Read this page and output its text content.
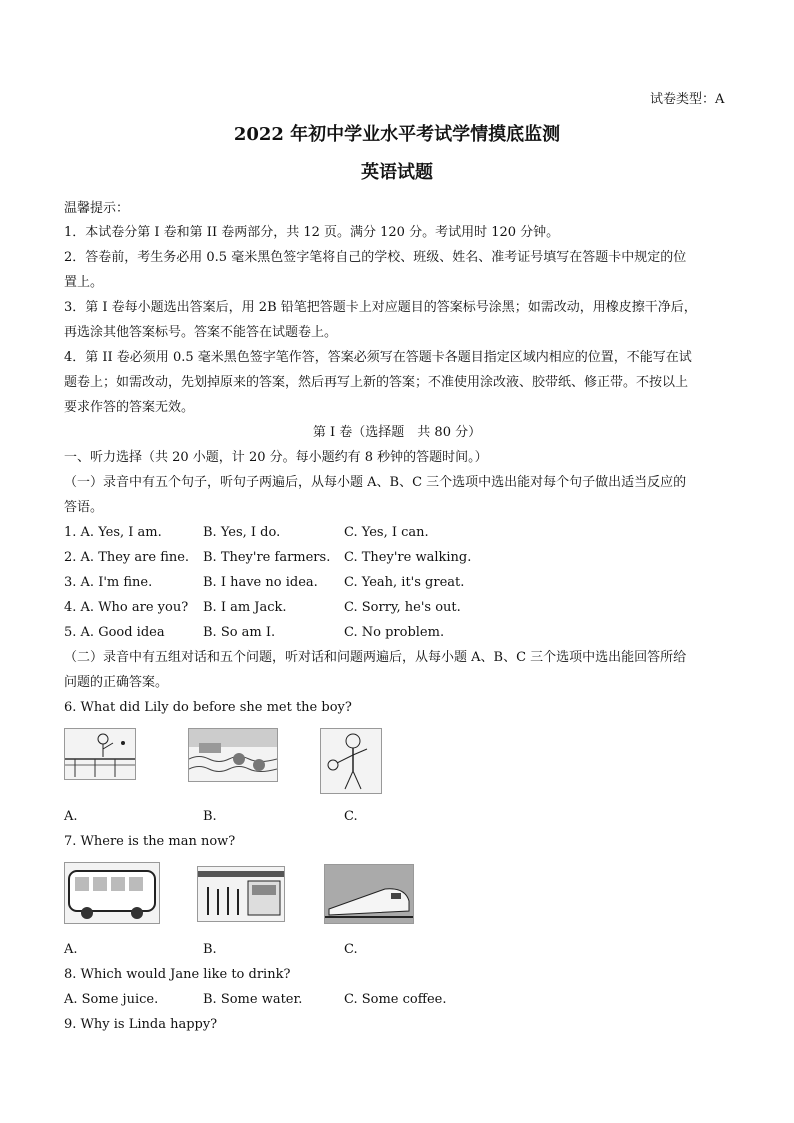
试卷类型：A
2022 年初中学业水平考试学情摸底监测
英语试题
温馨提示：
1．本试卷分第 I 卷和第 II 卷两部分，共 12 页。满分 120 分。考试用时 120 分钟。
2．答卷前，考生务必用 0.5 毫米黑色签字笔将自己的学校、班级、姓名、准考证号填写在答题卡中规定的位
置上。
3．第 I 卷每小题选出答案后，用 2B 铅笔把答题卡上对应题目的答案标号涂黑；如需改动，用橡皮擦干净后，
再选涂其他答案标号。答案不能答在试题卷上。
4．第 II 卷必须用 0.5 毫米黑色签字笔作答，答案必须写在答题卡各题目指定区域内相应的位置，不能写在试
题卷上；如需改动，先划掉原来的答案，然后再写上新的答案；不准使用涂改液、胶带纸、修正带。不按以上
要求作答的答案无效。
第 I 卷（选择题　共 80 分）
一、听力选择（共 20 小题，计 20 分。每小题约有 8 秒钟的答题时间。）
（一）录音中有五个句子，听句子两遍后，从每小题 A、B、C 三个选项中选出能对每个句子做出适当反应的
答语。
1. A. Yes, I am.	B. Yes, I do.	C. Yes, I can.
2. A. They are fine. B. They're farmers. C. They're walking.
3. A. I'm fine.	B. I have no idea. C. Yeah, it's great.
4. A. Who are you? B. I am Jack.	C. Sorry, he's out.
5. A. Good idea	B. So am I.	C. No problem.
（二）录音中有五组对话和五个问题，听对话和问题两遍后，从每小题 A、B、C 三个选项中选出能回答所给
问题的正确答案。
6. What did Lily do before she met the boy?
A.	B.	C.
7. Where is the man now?
A.	B.	C.
8. Which would Jane like to drink?
A. Some juice.	B. Some water.	C. Some coffee.
9. Why is Linda happy?
